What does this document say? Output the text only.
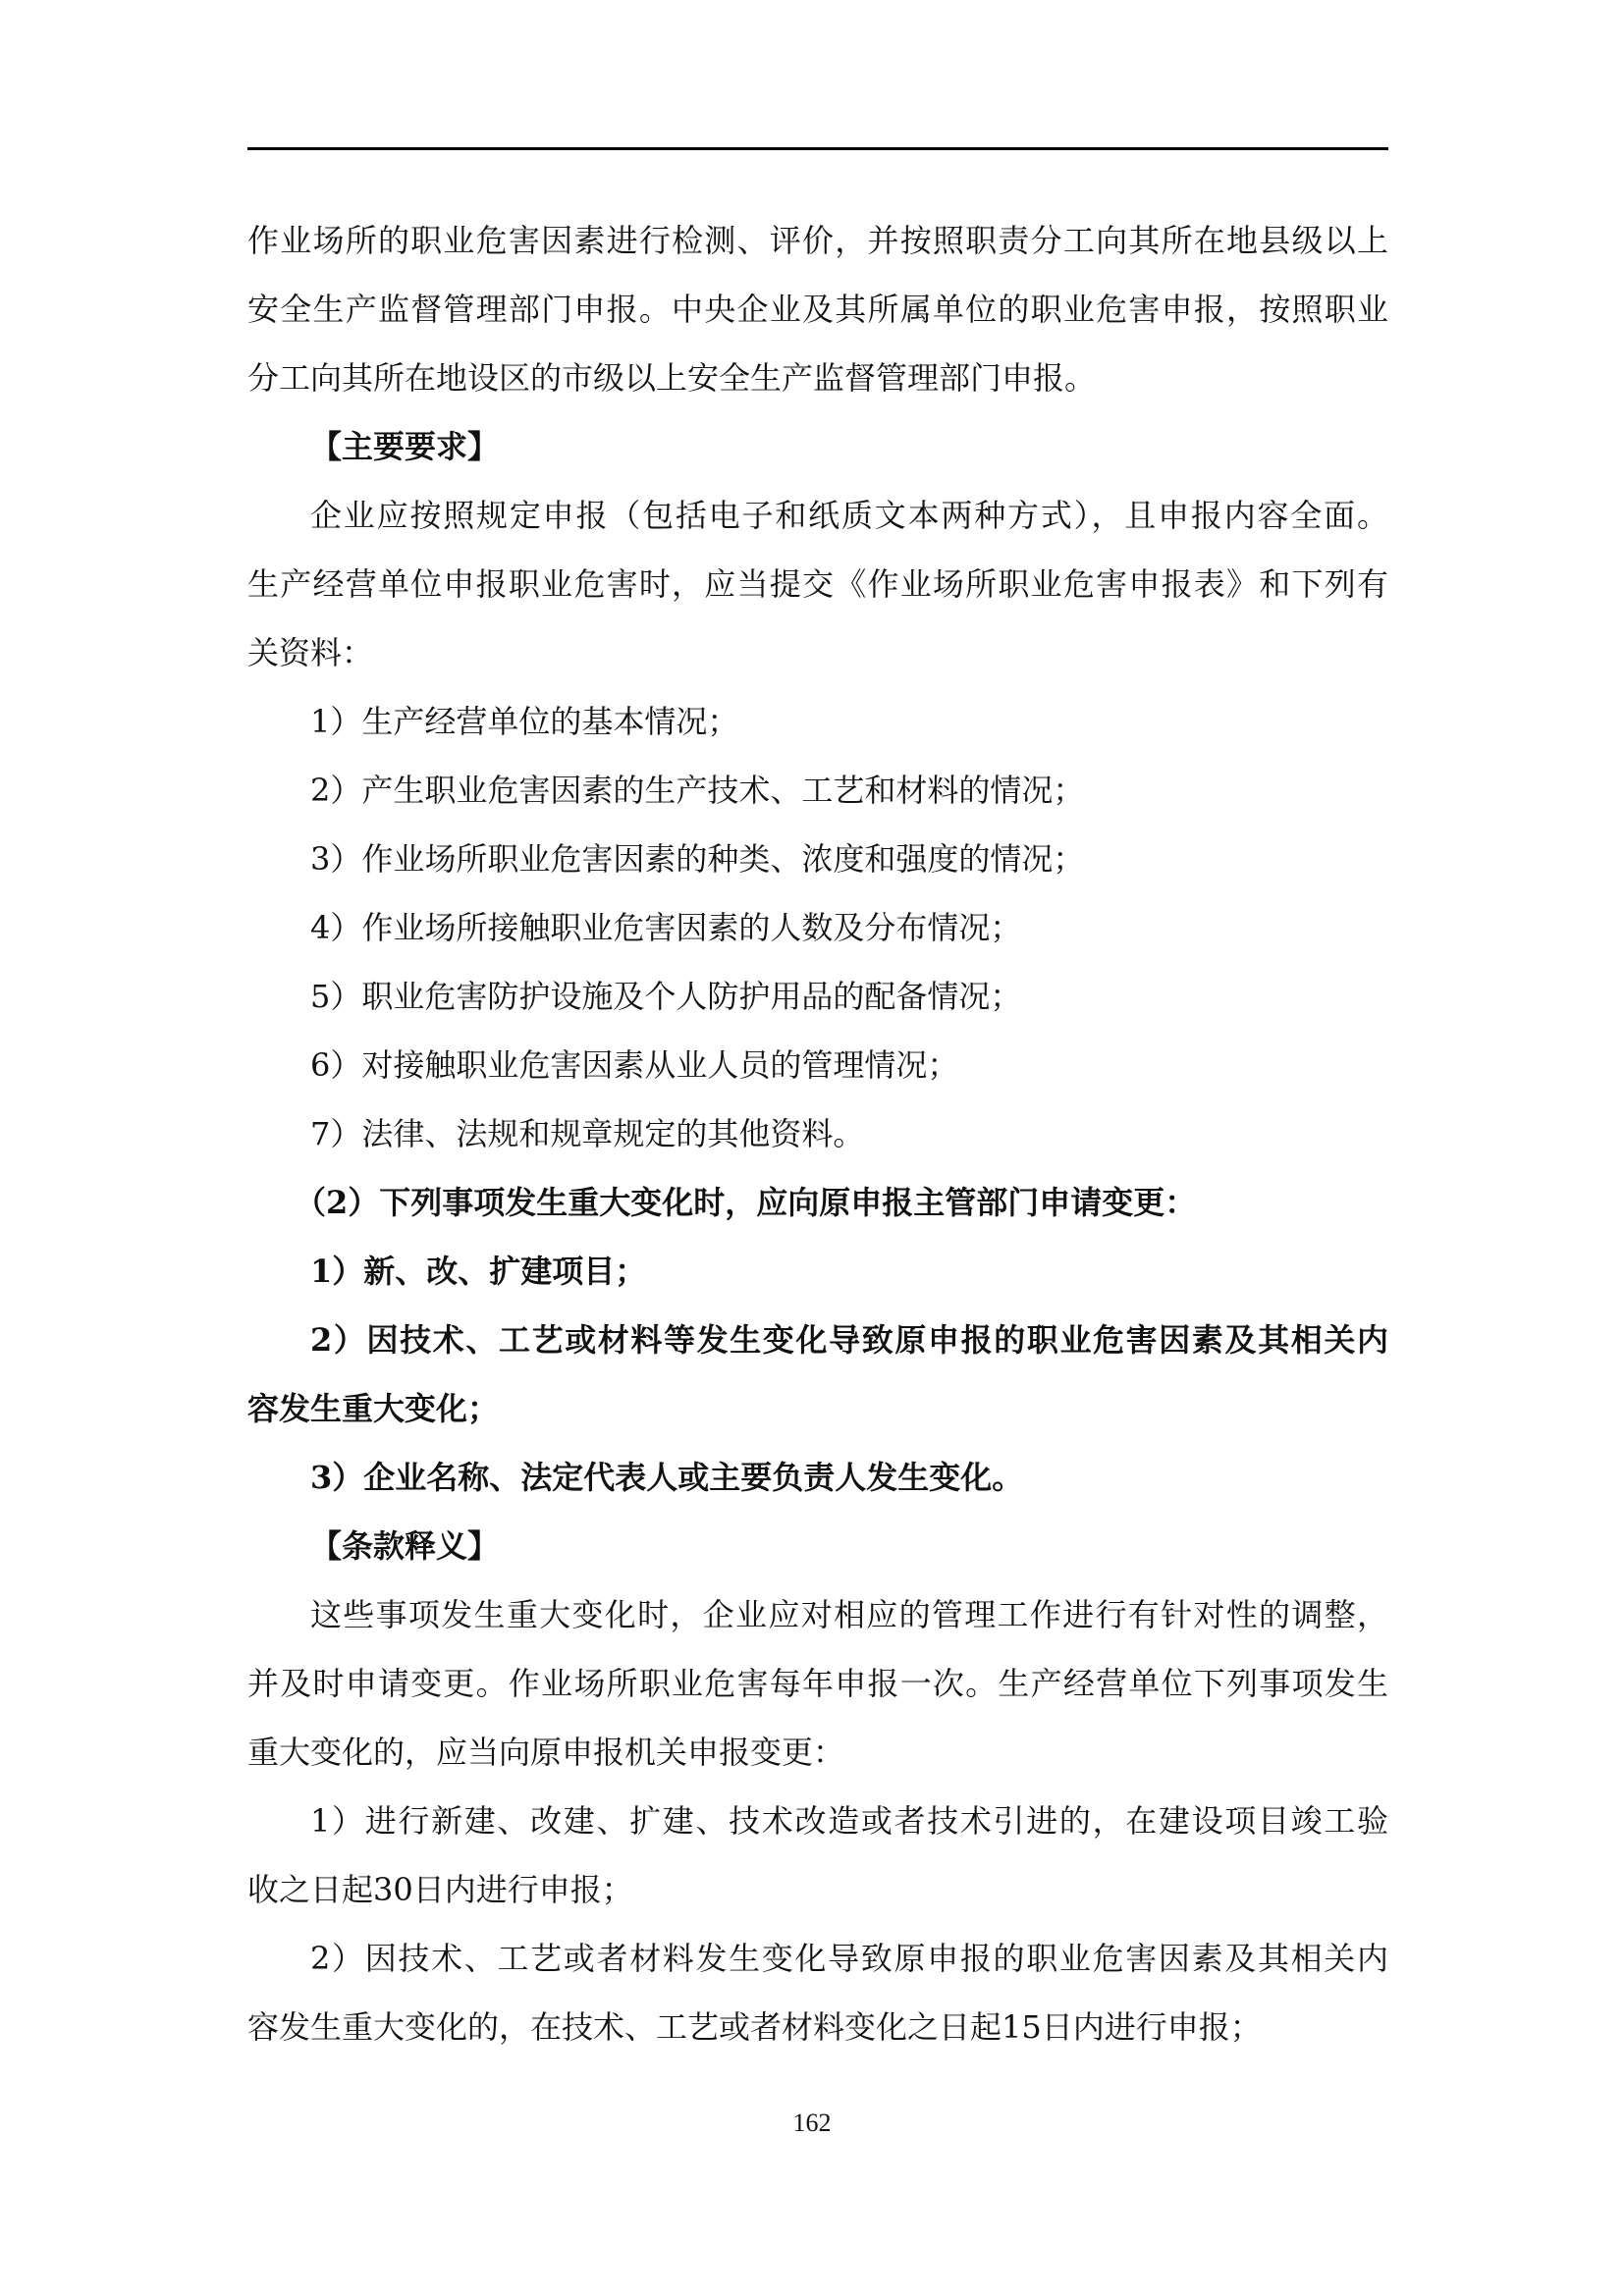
作业场所的职业危害因素进行检测、评价，并按照职责分工向其所在地县级以上

安全生产监督管理部门申报。中央企业及其所属单位的职业危害申报，按照职业

分工向其所在地设区的市级以上安全生产监督管理部门申报。

【主要要求】

企业应按照规定申报（包括电子和纸质文本两种方式），且申报内容全面。

生产经营单位申报职业危害时，应当提交《作业场所职业危害申报表》和下列有

关资料：

1）生产经营单位的基本情况；

2）产生职业危害因素的生产技术、工艺和材料的情况；

3）作业场所职业危害因素的种类、浓度和强度的情况；

4）作业场所接触职业危害因素的人数及分布情况；

5）职业危害防护设施及个人防护用品的配备情况；

6）对接触职业危害因素从业人员的管理情况；

7）法律、法规和规章规定的其他资料。

（2）下列事项发生重大变化时，应向原申报主管部门申请变更：

1）新、改、扩建项目；

2）因技术、工艺或材料等发生变化导致原申报的职业危害因素及其相关内

容发生重大变化；

3）企业名称、法定代表人或主要负责人发生变化。

【条款释义】

这些事项发生重大变化时，企业应对相应的管理工作进行有针对性的调整，

并及时申请变更。作业场所职业危害每年申报一次。生产经营单位下列事项发生

重大变化的，应当向原申报机关申报变更：

1）进行新建、改建、扩建、技术改造或者技术引进的，在建设项目竣工验

收之日起30日内进行申报；

2）因技术、工艺或者材料发生变化导致原申报的职业危害因素及其相关内

容发生重大变化的，在技术、工艺或者材料变化之日起15日内进行申报；

162
